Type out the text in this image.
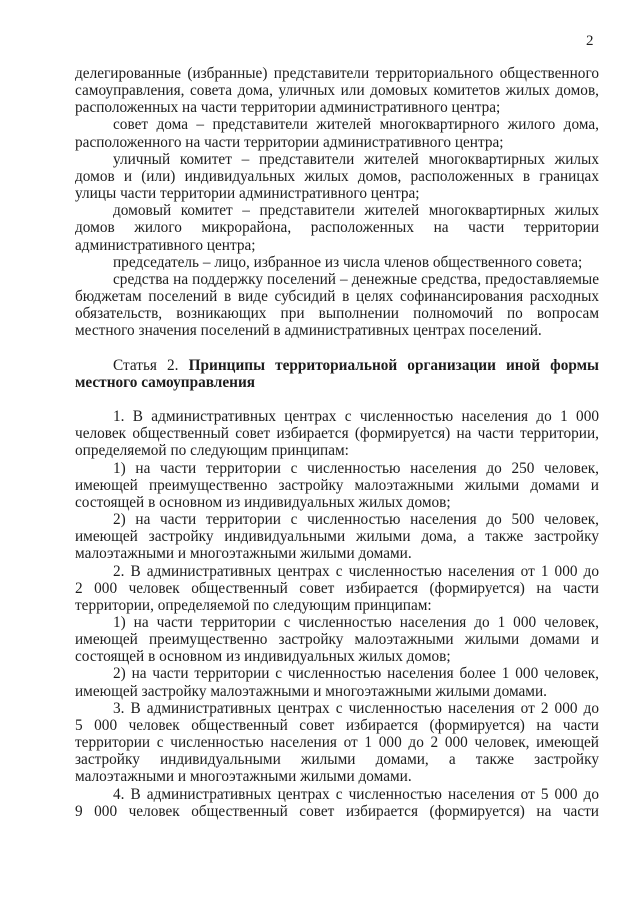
2

делегированные (избранные) представители территориального общественного самоуправления, совета дома, уличных или домовых комитетов жилых домов, расположенных на части территории административного центра;

совет дома – представители жителей многоквартирного жилого дома, расположенного на части территории административного центра;

уличный комитет – представители жителей многоквартирных жилых домов и (или) индивидуальных жилых домов, расположенных в границах улицы части территории административного центра;

домовый комитет – представители жителей многоквартирных жилых домов жилого микрорайона, расположенных на части территории административного центра;

председатель – лицо, избранное из числа членов общественного совета;

средства на поддержку поселений – денежные средства, предоставляемые бюджетам поселений в виде субсидий в целях софинансирования расходных обязательств, возникающих при выполнении полномочий по вопросам местного значения поселений в административных центрах поселений.

Статья 2. Принципы территориальной организации иной формы местного самоуправления

1. В административных центрах с численностью населения до 1 000 человек общественный совет избирается (формируется) на части территории, определяемой по следующим принципам:

1) на части территории с численностью населения до 250 человек, имеющей преимущественно застройку малоэтажными жилыми домами и состоящей в основном из индивидуальных жилых домов;

2) на части территории с численностью населения до 500 человек, имеющей застройку индивидуальными жилыми дома, а также застройку малоэтажными и многоэтажными жилыми домами.

2. В административных центрах с численностью населения от 1 000 до 2 000 человек общественный совет избирается (формируется) на части территории, определяемой по следующим принципам:

1) на части территории с численностью населения до 1 000 человек, имеющей преимущественно застройку малоэтажными жилыми домами и состоящей в основном из индивидуальных жилых домов;

2) на части территории с численностью населения более 1 000 человек, имеющей застройку малоэтажными и многоэтажными жилыми домами.

3. В административных центрах с численностью населения от 2 000 до 5 000 человек общественный совет избирается (формируется) на части территории с численностью населения от 1 000 до 2 000 человек, имеющей застройку индивидуальными жилыми домами, а также застройку малоэтажными и многоэтажными жилыми домами.

4. В административных центрах с численностью населения от 5 000 до 9 000 человек общественный совет избирается (формируется) на части
